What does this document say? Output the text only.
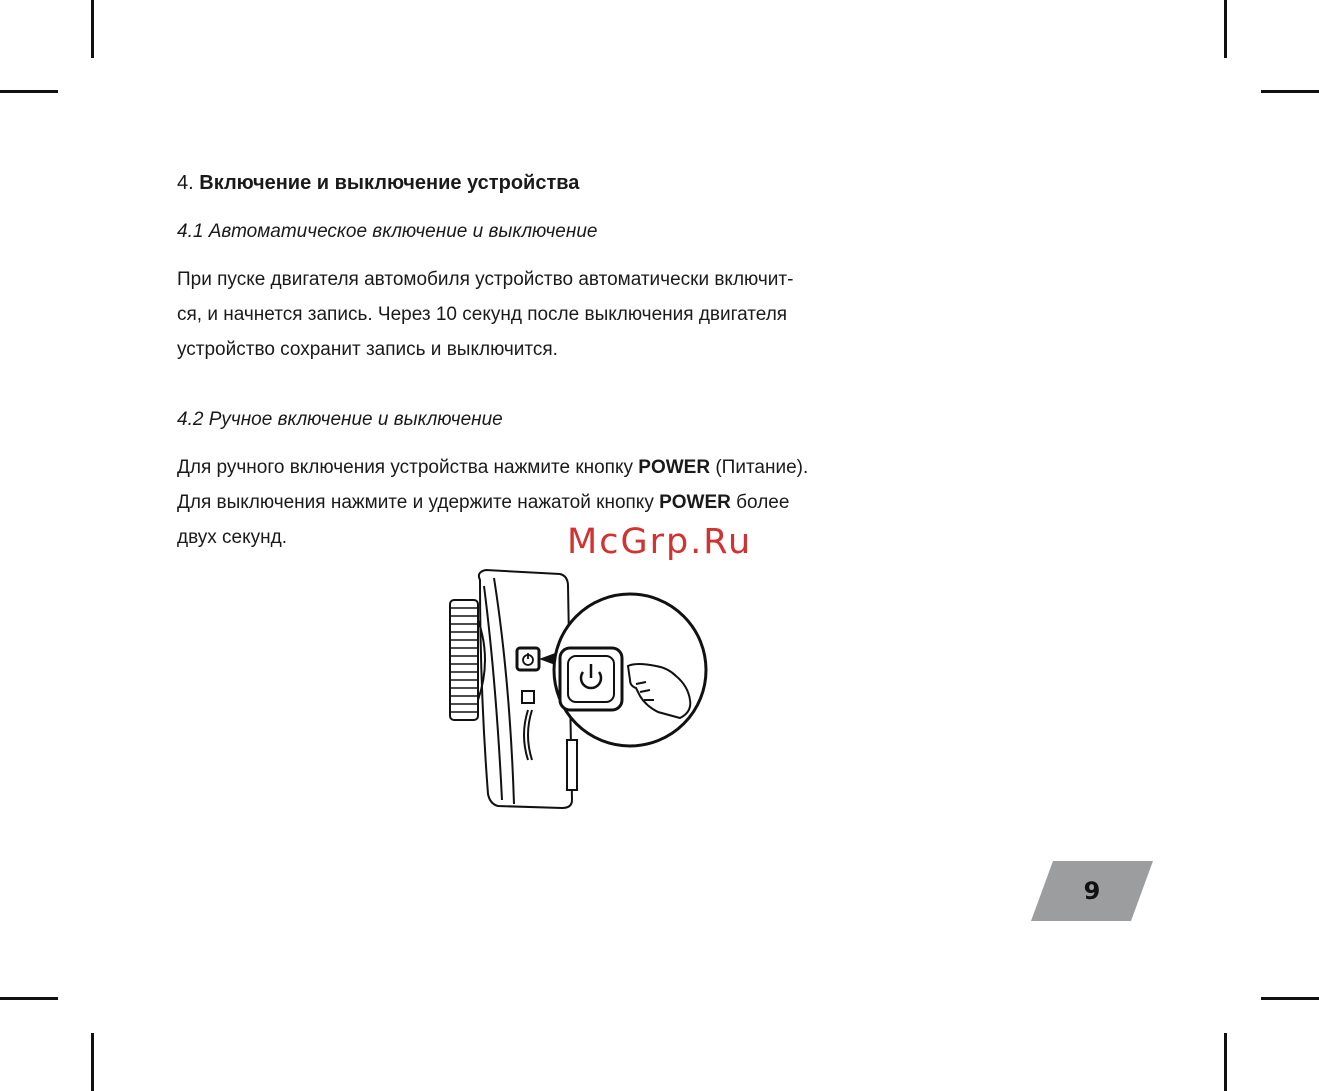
4. Включение и выключение устройства

4.1 Автоматическое включение и выключение

При пуске двигателя автомобиля устройство автоматически включит-

ся, и начнется запись. Через 10 секунд после выключения двигателя

устройство сохранит запись и выключится.

4.2 Ручное включение и выключение

Для ручного включения устройства нажмите кнопку POWER (Питание).

Для выключения нажмите и удержите нажатой кнопку POWER более

двух секунд.	McGrp.Ru
9
